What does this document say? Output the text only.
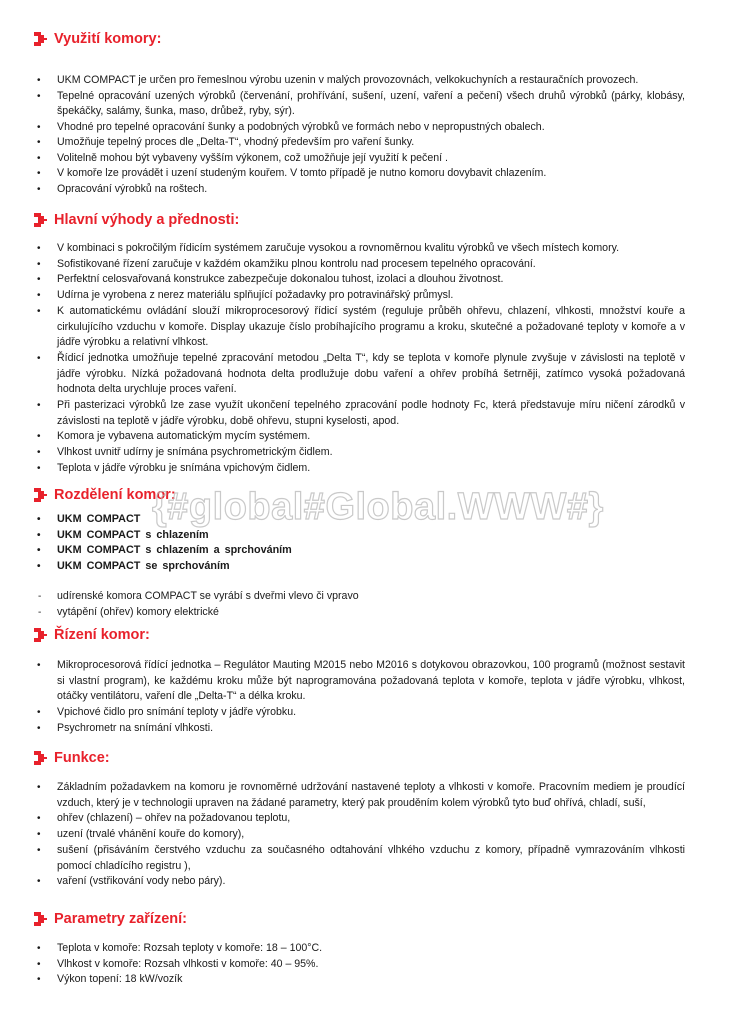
Využití komory:
• UKM COMPACT je určen pro řemeslnou výrobu uzenin v malých provozovnách, velkokuchyních a restauračních provozech.
• Tepelné opracování uzených výrobků (červenání, prohřívání, sušení, uzení, vaření a pečení) všech druhů výrobků (párky, klobásy, špekáčky, salámy, šunka, maso, drůbež, ryby, sýr).
• Vhodné pro tepelné opracování šunky a podobných výrobků ve formách nebo v nepropustných obalech.
• Umožňuje tepelný proces dle „Delta-T“, vhodný především pro vaření šunky.
• Volitelně mohou být vybaveny vyšším výkonem, což umožňuje její využití k pečení .
• V komoře lze provádět i uzení studeným kouřem. V tomto případě je nutno komoru dovybavit chlazením.
• Opracování výrobků na roštech.
Hlavní výhody a přednosti:
• V kombinaci s pokročilým řídicím systémem zaručuje vysokou a rovnoměrnou kvalitu výrobků ve všech místech komory.
• Sofistikované řízení zaručuje v každém okamžiku plnou kontrolu nad procesem tepelného opracování.
• Perfektní celosvařovaná konstrukce zabezpečuje dokonalou tuhost, izolaci a dlouhou životnost.
• Udírna je vyrobena z nerez materiálu splňující požadavky pro potravinářský průmysl.
• K automatickému ovládání slouží mikroprocesorový řídicí systém (reguluje průběh ohřevu, chlazení, vlhkosti, množství kouře a cirkulujícího vzduchu v komoře. Display ukazuje číslo probíhajícího programu a kroku, skutečné a požadované teploty v komoře a v jádře výrobku a relativní vlhkost.
• Řídicí jednotka umožňuje tepelné zpracování metodou „Delta T“, kdy se teplota v komoře plynule zvyšuje v závislosti na teplotě v jádře výrobku. Nízká požadovaná hodnota delta prodlužuje dobu vaření a ohřev probíhá šetrněji, zatímco vysoká požadovaná hodnota delta urychluje proces vaření.
• Při pasterizaci výrobků lze zase využít ukončení tepelného zpracování podle hodnoty Fc, která představuje míru ničení zárodků v závislosti na teplotě v jádře výrobku, době ohřevu, stupni kyselosti, apod.
• Komora je vybavena automatickým mycím systémem.
• Vlhkost uvnitř udírny je snímána psychrometrickým čidlem.
• Teplota v jádře výrobku je snímána vpichovým čidlem.
Rozdělení komor:
• UKM COMPACT
• UKM COMPACT s chlazením
• UKM COMPACT s chlazením a sprchováním
• UKM COMPACT se sprchováním
- udírenské komora COMPACT se vyrábí s dveřmi vlevo či vpravo
- vytápění (ohřev) komory elektrické
Řízení komor:
• Mikroprocesorová řídící jednotka – Regulátor Mauting M2015 nebo M2016 s dotykovou obrazovkou, 100 programů (možnost sestavit si vlastní program), ke každému kroku může být naprogramována požadovaná teplota v komoře, teplota v jádře výrobku, vlhkost, otáčky ventilátoru, vaření dle „Delta-T“ a délka kroku.
• Vpichové čidlo pro snímání teploty v jádře výrobku.
• Psychrometr na snímání vlhkosti.
Funkce:
• Základním požadavkem na komoru je rovnoměrné udržování nastavené teploty a vlhkosti v komoře. Pracovním mediem je proudící vzduch, který je v technologii upraven na žádané parametry, který pak prouděním kolem výrobků tyto buď ohřívá, chladí, suší,
• ohřev (chlazení) – ohřev na požadovanou teplotu,
• uzení (trvalé vhánění kouře do komory),
• sušení (přisáváním čerstvého vzduchu za současného odtahování vlhkého vzduchu z komory, případně vymrazováním vlhkosti pomocí chladícího registru ),
• vaření (vstřikování vody nebo páry).
Parametry zařízení:
• Teplota v komoře: Rozsah teploty v komoře: 18 – 100°C.
• Vlhkost v komoře: Rozsah vlhkosti v komoře: 40 – 95%.
• Výkon topení: 18 kW/vozík
{#global#Global.WWW#}
